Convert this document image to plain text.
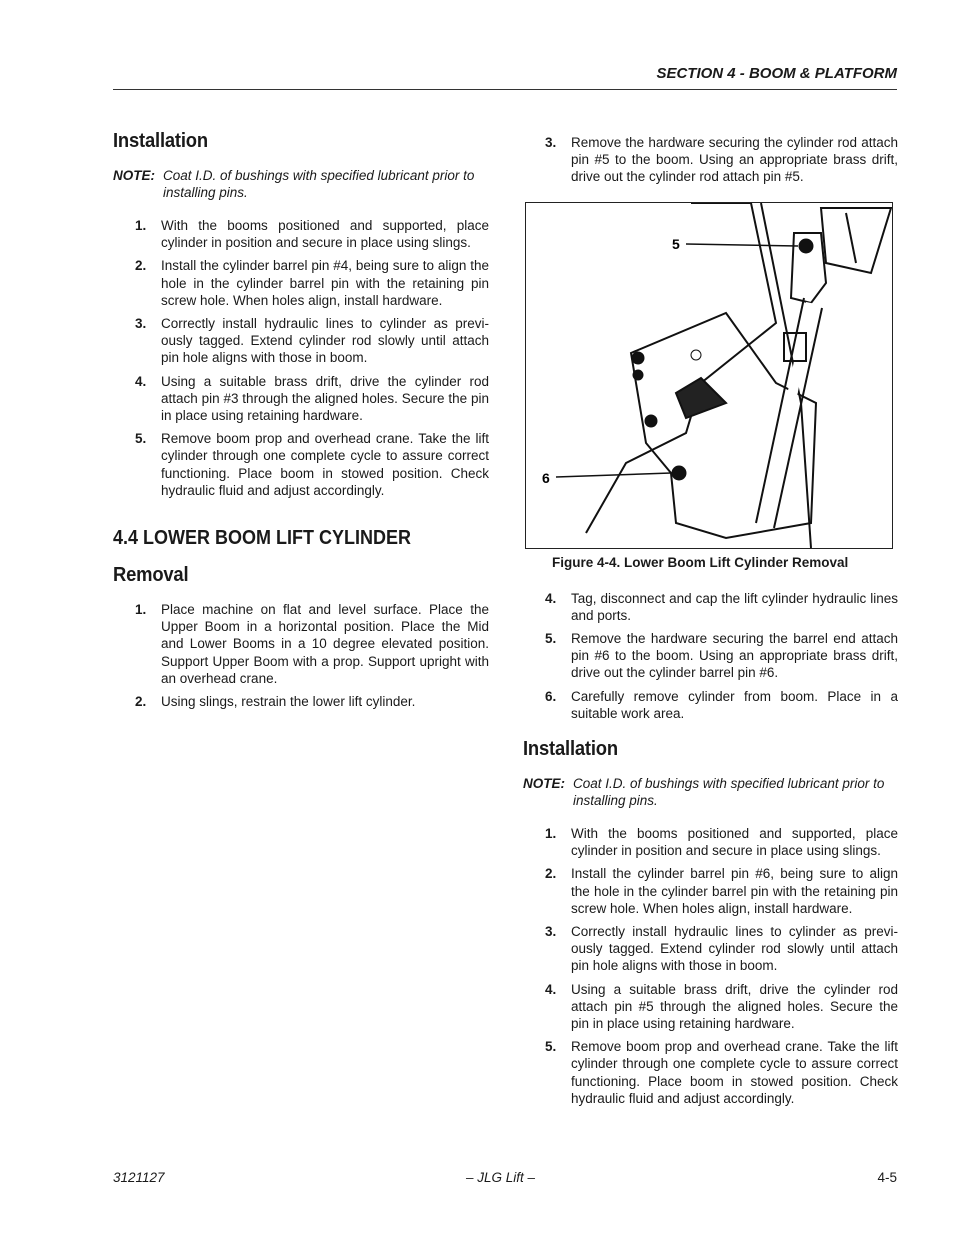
SECTION 4 - BOOM & PLATFORM
Installation
NOTE: Coat I.D. of bushings with specified lubricant prior to installing pins.
1.	With the booms positioned and supported, place cylinder in position and secure in place using slings.
2.	Install the cylinder barrel pin #4, being sure to align the hole in the cylinder barrel pin with the retaining pin screw hole. When holes align, install hardware.
3.	Correctly install hydraulic lines to cylinder as previ-ously tagged. Extend cylinder rod slowly until attach pin hole aligns with those in boom.
4.	Using a suitable brass drift, drive the cylinder rod attach pin #3 through the aligned holes. Secure the pin in place using retaining hardware.
5.	Remove boom prop and overhead crane. Take the lift cylinder through one complete cycle to assure correct functioning. Place boom in stowed position. Check hydraulic fluid and adjust accordingly.
4.4 LOWER BOOM LIFT CYLINDER
Removal
1.	Place machine on flat and level surface. Place the Upper Boom in a horizontal position. Place the Mid and Lower Booms in a 10 degree elevated position. Support Upper Boom with a prop. Support upright with an overhead crane.
2.	Using slings, restrain the lower lift cylinder.
3.	Remove the hardware securing the cylinder rod attach pin #5 to the boom. Using an appropriate brass drift, drive out the cylinder rod attach pin #5.
5
6
Figure 4-4. Lower Boom Lift Cylinder Removal
4.	Tag, disconnect and cap the lift cylinder hydraulic lines and ports.
5.	Remove the hardware securing the barrel end attach pin #6 to the boom. Using an appropriate brass drift, drive out the cylinder barrel pin #6.
6.	Carefully remove cylinder from boom. Place in a suitable work area.
Installation
NOTE: Coat I.D. of bushings with specified lubricant prior to installing pins.
1.	With the booms positioned and supported, place cylinder in position and secure in place using slings.
2.	Install the cylinder barrel pin #6, being sure to align the hole in the cylinder barrel pin with the retaining pin screw hole. When holes align, install hardware.
3.	Correctly install hydraulic lines to cylinder as previ-ously tagged. Extend cylinder rod slowly until attach pin hole aligns with those in boom.
4.	Using a suitable brass drift, drive the cylinder rod attach pin #5 through the aligned holes. Secure the pin in place using retaining hardware.
5.	Remove boom prop and overhead crane. Take the lift cylinder through one complete cycle to assure correct functioning. Place boom in stowed position. Check hydraulic fluid and adjust accordingly.
3121127	– JLG Lift –	4-5
